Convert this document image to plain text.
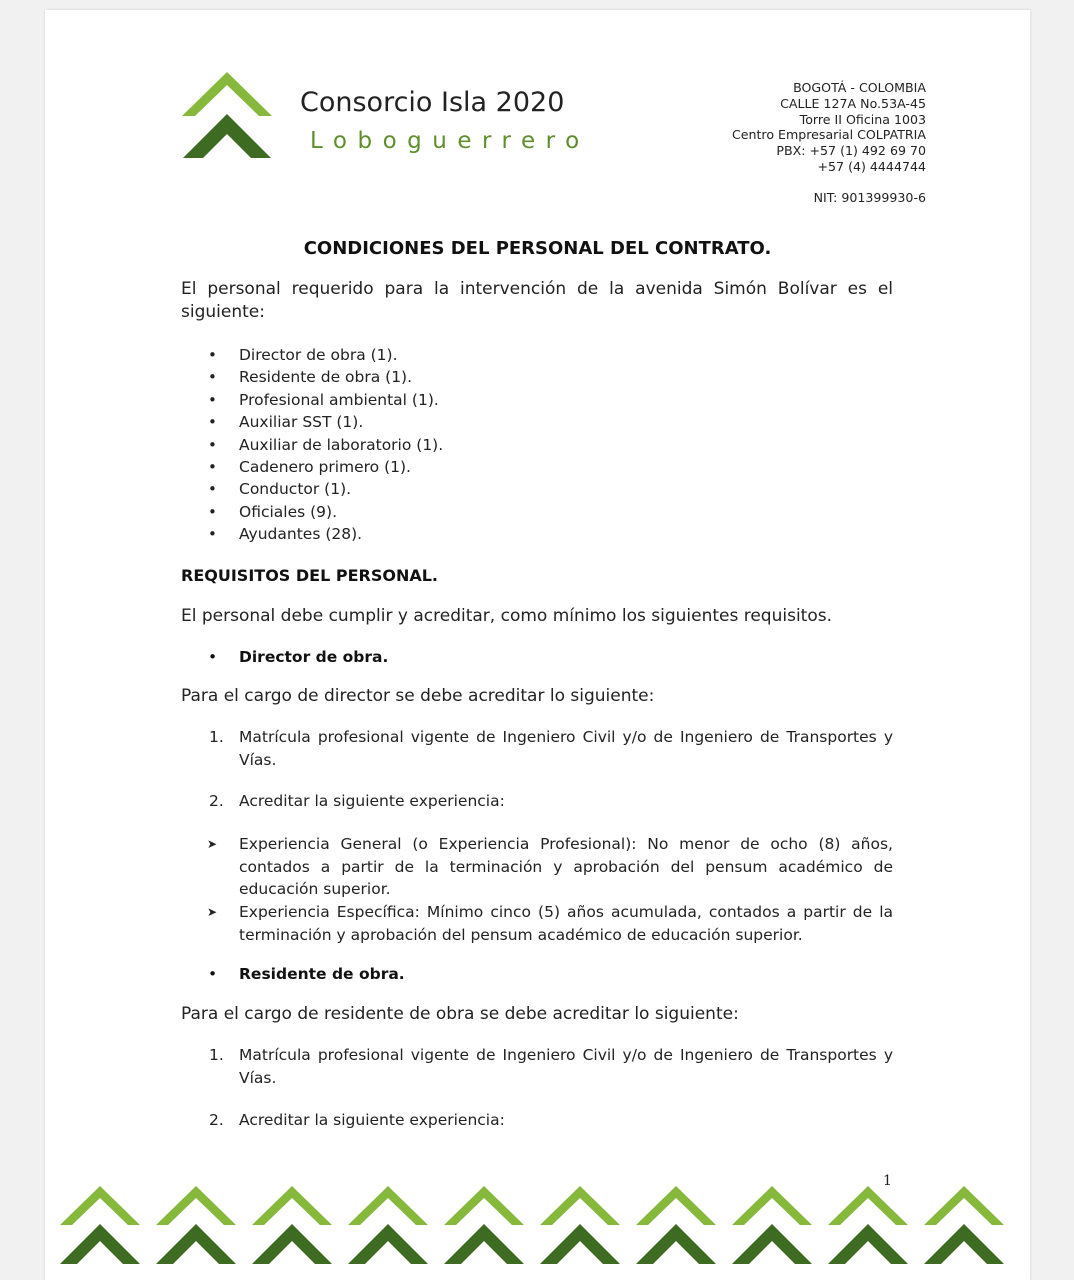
Consorcio Isla 2020
Loboguerrero
BOGOTÁ - COLOMBIA
CALLE 127A No.53A-45
Torre II Oficina 1003
Centro Empresarial COLPATRIA
PBX: +57 (1) 492 69 70
+57 (4) 4444744
NIT: 901399930-6
CONDICIONES DEL PERSONAL DEL CONTRATO.
El personal requerido para la intervención de la avenida Simón Bolívar es el siguiente:
• Director de obra (1).
• Residente de obra (1).
• Profesional ambiental (1).
• Auxiliar SST (1).
• Auxiliar de laboratorio (1).
• Cadenero primero (1).
• Conductor (1).
• Oficiales (9).
• Ayudantes (28).
REQUISITOS DEL PERSONAL.
El personal debe cumplir y acreditar, como mínimo los siguientes requisitos.
• Director de obra.
Para el cargo de director se debe acreditar lo siguiente:
1. Matrícula profesional vigente de Ingeniero Civil y/o de Ingeniero de Transportes y Vías.
2. Acreditar la siguiente experiencia:
➤ Experiencia General (o Experiencia Profesional): No menor de ocho (8) años, contados a partir de la terminación y aprobación del pensum académico de educación superior.
➤ Experiencia Específica: Mínimo cinco (5) años acumulada, contados a partir de la terminación y aprobación del pensum académico de educación superior.
• Residente de obra.
Para el cargo de residente de obra se debe acreditar lo siguiente:
1. Matrícula profesional vigente de Ingeniero Civil y/o de Ingeniero de Transportes y Vías.
2. Acreditar la siguiente experiencia:
1
